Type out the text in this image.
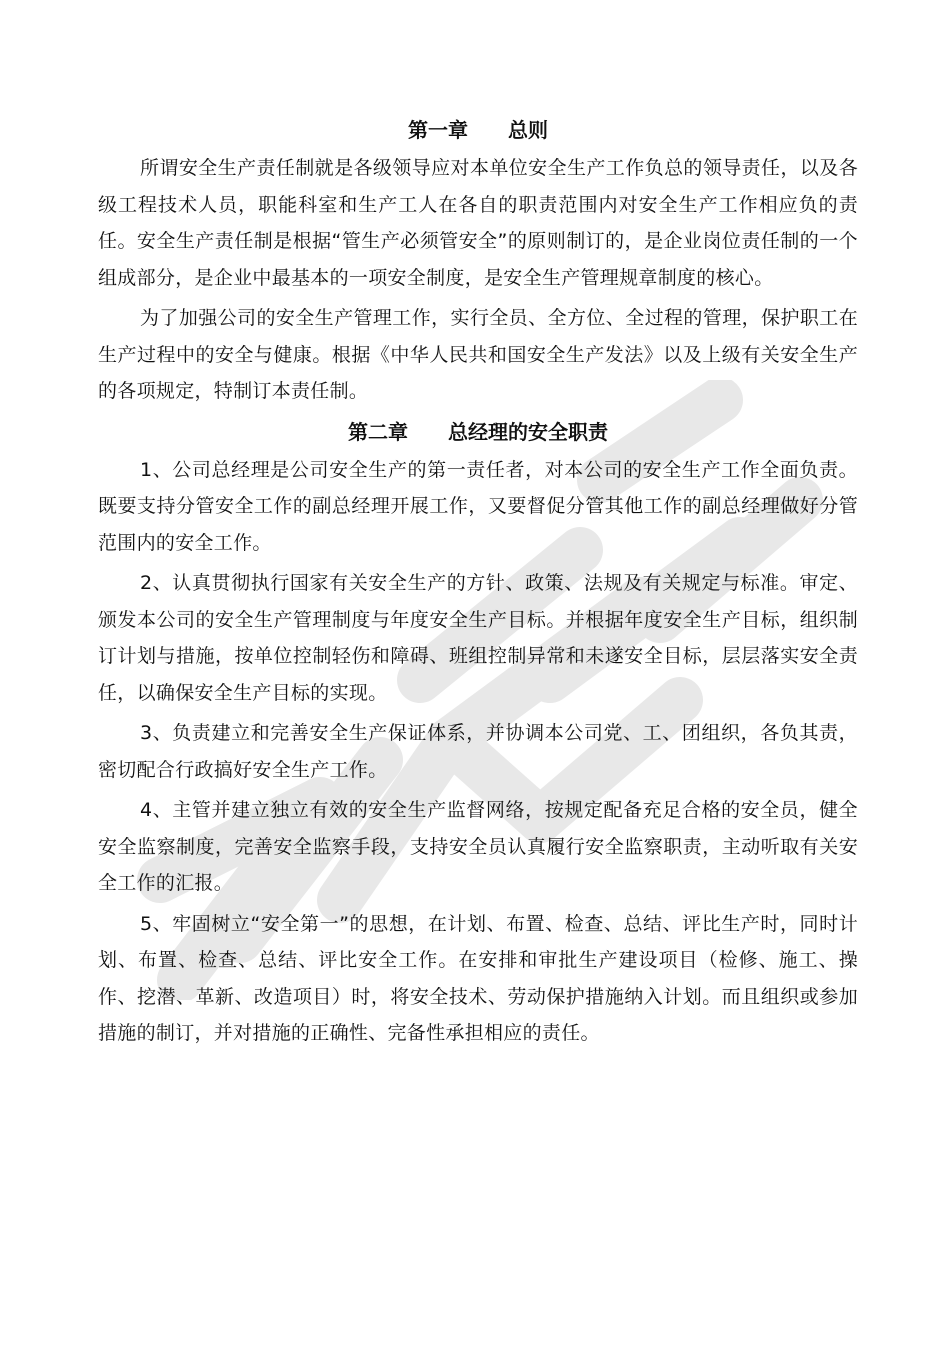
第一章　　总则

所谓安全生产责任制就是各级领导应对本单位安全生产工作负总的领导责任，以及各级工程技术人员，职能科室和生产工人在各自的职责范围内对安全生产工作相应负的责任。安全生产责任制是根据“管生产必须管安全”的原则制订的，是企业岗位责任制的一个组成部分，是企业中最基本的一项安全制度，是安全生产管理规章制度的核心。

为了加强公司的安全生产管理工作，实行全员、全方位、全过程的管理，保护职工在生产过程中的安全与健康。根据《中华人民共和国安全生产发法》以及上级有关安全生产的各项规定，特制订本责任制。

第二章　　总经理的安全职责

1、公司总经理是公司安全生产的第一责任者，对本公司的安全生产工作全面负责。既要支持分管安全工作的副总经理开展工作，又要督促分管其他工作的副总经理做好分管范围内的安全工作。

2、认真贯彻执行国家有关安全生产的方针、政策、法规及有关规定与标准。审定、颁发本公司的安全生产管理制度与年度安全生产目标。并根据年度安全生产目标，组织制订计划与措施，按单位控制轻伤和障碍、班组控制异常和未遂安全目标，层层落实安全责任，以确保安全生产目标的实现。

3、负责建立和完善安全生产保证体系，并协调本公司党、工、团组织，各负其责，密切配合行政搞好安全生产工作。

4、主管并建立独立有效的安全生产监督网络，按规定配备充足合格的安全员，健全安全监察制度，完善安全监察手段，支持安全员认真履行安全监察职责，主动听取有关安全工作的汇报。

5、牢固树立“安全第一”的思想，在计划、布置、检查、总结、评比生产时，同时计划、布置、检查、总结、评比安全工作。在安排和审批生产建设项目（检修、施工、操作、挖潜、革新、改造项目）时，将安全技术、劳动保护措施纳入计划。而且组织或参加措施的制订，并对措施的正确性、完备性承担相应的责任。
